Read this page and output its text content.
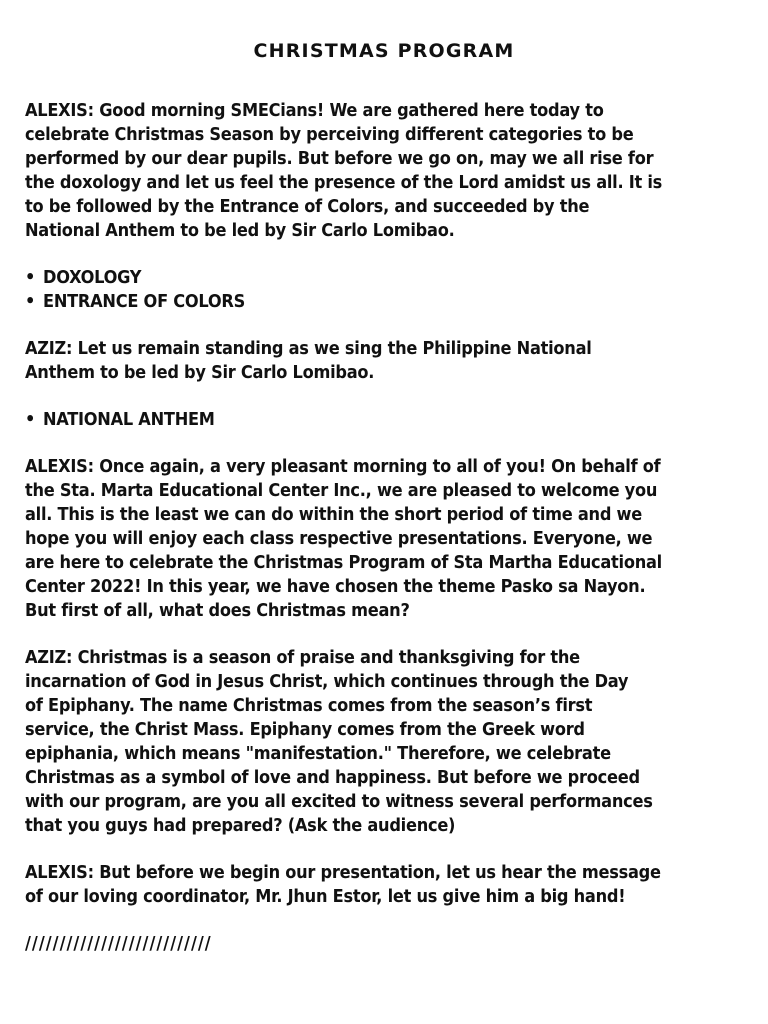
CHRISTMAS PROGRAM
ALEXIS: Good morning SMECians! We are gathered here today to
celebrate Christmas Season by perceiving different categories to be
performed by our dear pupils. But before we go on, may we all rise for
the doxology and let us feel the presence of the Lord amidst us all. It is
to be followed by the Entrance of Colors, and succeeded by the
National Anthem to be led by Sir Carlo Lomibao.
• DOXOLOGY
• ENTRANCE OF COLORS
AZIZ: Let us remain standing as we sing the Philippine National
Anthem to be led by Sir Carlo Lomibao.
• NATIONAL ANTHEM
ALEXIS: Once again, a very pleasant morning to all of you! On behalf of
the Sta. Marta Educational Center Inc., we are pleased to welcome you
all. This is the least we can do within the short period of time and we
hope you will enjoy each class respective presentations. Everyone, we
are here to celebrate the Christmas Program of Sta Martha Educational
Center 2022! In this year, we have chosen the theme Pasko sa Nayon.
But first of all, what does Christmas mean?
AZIZ: Christmas is a season of praise and thanksgiving for the
incarnation of God in Jesus Christ, which continues through the Day
of Epiphany. The name Christmas comes from the season’s first
service, the Christ Mass. Epiphany comes from the Greek word
epiphania, which means "manifestation." Therefore, we celebrate
Christmas as a symbol of love and happiness. But before we proceed
with our program, are you all excited to witness several performances
that you guys had prepared? (Ask the audience)
ALEXIS: But before we begin our presentation, let us hear the message
of our loving coordinator, Mr. Jhun Estor, let us give him a big hand!
///////////////////////////
